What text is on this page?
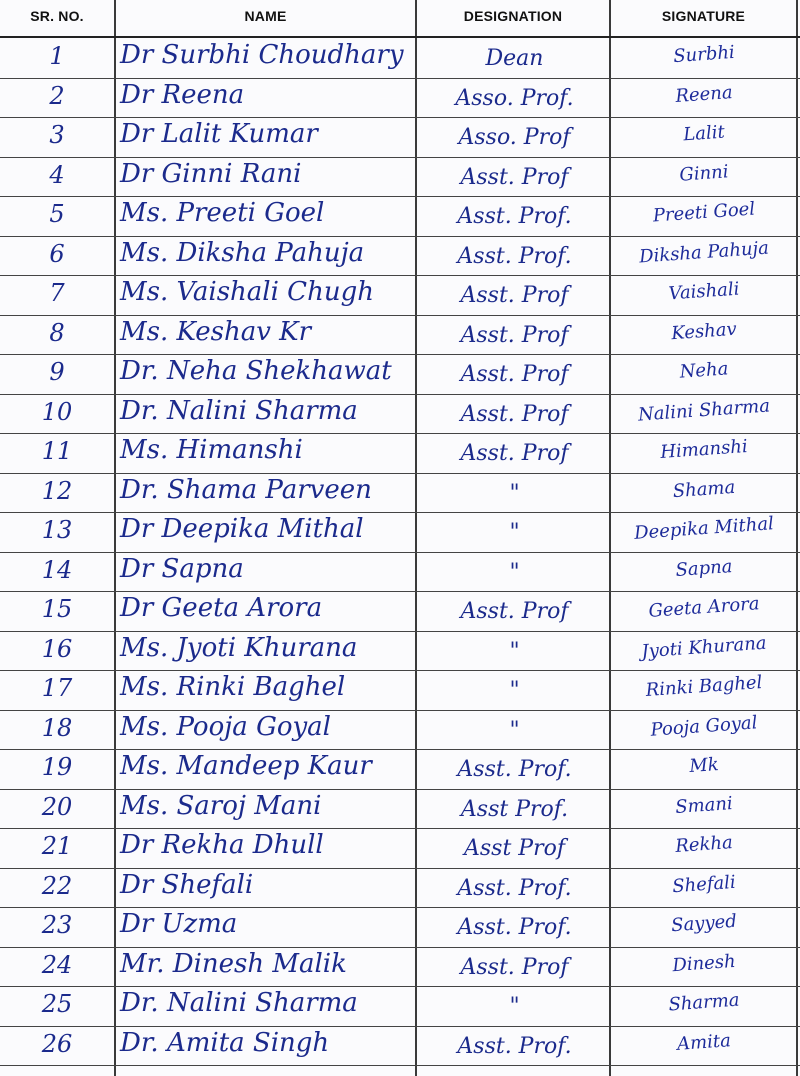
SR. NO.	NAME	DESIGNATION	SIGNATURE
1	Dr Surbhi Choudhary	Dean	Surbhi
2	Dr Reena	Asso. Prof.	Reena
3	Dr Lalit Kumar	Asso. Prof	Lalit
4	Dr Ginni Rani	Asst. Prof	Ginni
5	Ms. Preeti Goel	Asst. Prof.	Preeti Goel
6	Ms. Diksha Pahuja	Asst. Prof.	Diksha Pahuja
7	Ms. Vaishali Chugh	Asst. Prof	Vaishali
8	Ms. Keshav Kr	Asst. Prof	Keshav
9	Dr. Neha Shekhawat	Asst. Prof	Neha
10	Dr. Nalini Sharma	Asst. Prof	Nalini Sharma
11	Ms. Himanshi	Asst. Prof	Himanshi
12	Dr. Shama Parveen	"	Shama
13	Dr Deepika Mithal	"	Deepika Mithal
14	Dr Sapna	"	Sapna
15	Dr Geeta Arora	Asst. Prof	Geeta Arora
16	Ms. Jyoti Khurana	"	Jyoti Khurana
17	Ms. Rinki Baghel	"	Rinki Baghel
18	Ms. Pooja Goyal	"	Pooja Goyal
19	Ms. Mandeep Kaur	Asst. Prof.	Mk
20	Ms. Saroj Mani	Asst Prof.	Smani
21	Dr Rekha Dhull	Asst Prof	Rekha
22	Dr Shefali	Asst. Prof.	Shefali
23	Dr Uzma	Asst. Prof.	Sayyed
24	Mr. Dinesh Malik	Asst. Prof	Dinesh
25	Dr. Nalini Sharma	"	Sharma
26	Dr. Amita Singh	Asst. Prof.	Amita
